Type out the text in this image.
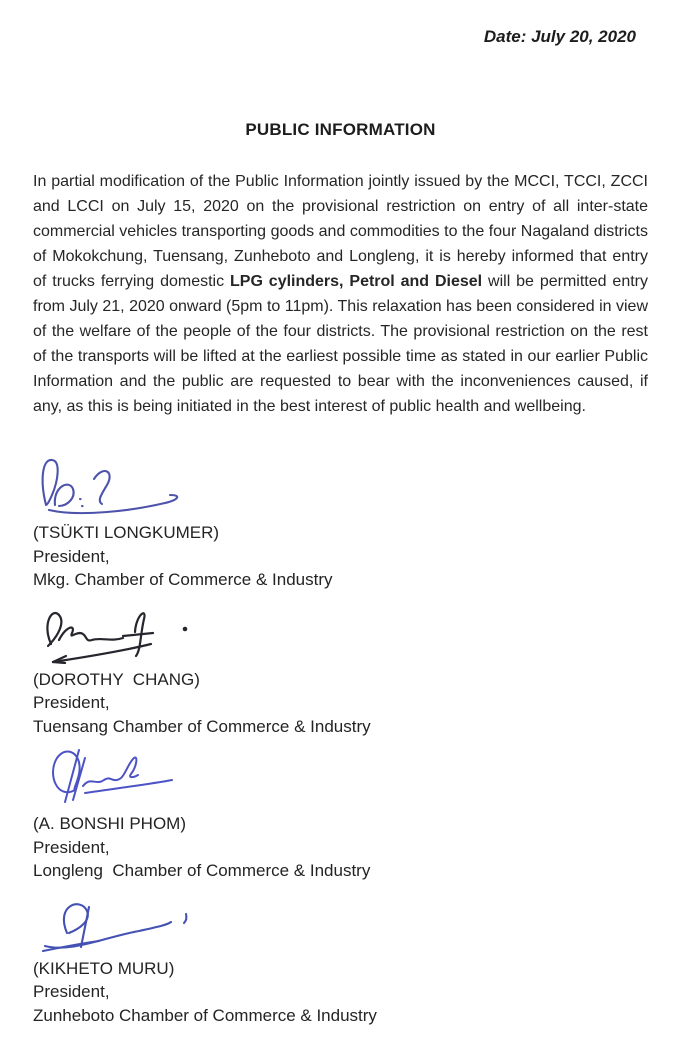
Date: July 20, 2020
PUBLIC INFORMATION

In partial modification of the Public Information jointly issued by the MCCI, TCCI, ZCCI and LCCI on July 15, 2020 on the provisional restriction on entry of all inter-state commercial vehicles transporting goods and commodities to the four Nagaland districts of Mokokchung, Tuensang, Zunheboto and Longleng, it is hereby informed that entry of trucks ferrying domestic LPG cylinders, Petrol and Diesel will be permitted entry from July 21, 2020 onward (5pm to 11pm). This relaxation has been considered in view of the welfare of the people of the four districts. The provisional restriction on the rest of the transports will be lifted at the earliest possible time as stated in our earlier Public Information and the public are requested to bear with the inconveniences caused, if any, as this is being initiated in the best interest of public health and wellbeing.

(TSÜKTI LONGKUMER)
President,
Mkg. Chamber of Commerce & Industry
(DOROTHY  CHANG)
President,
Tuensang Chamber of Commerce & Industry
(A. BONSHI PHOM)
President,
Longleng  Chamber of Commerce & Industry
(KIKHETO MURU)
President,
Zunheboto Chamber of Commerce & Industry
